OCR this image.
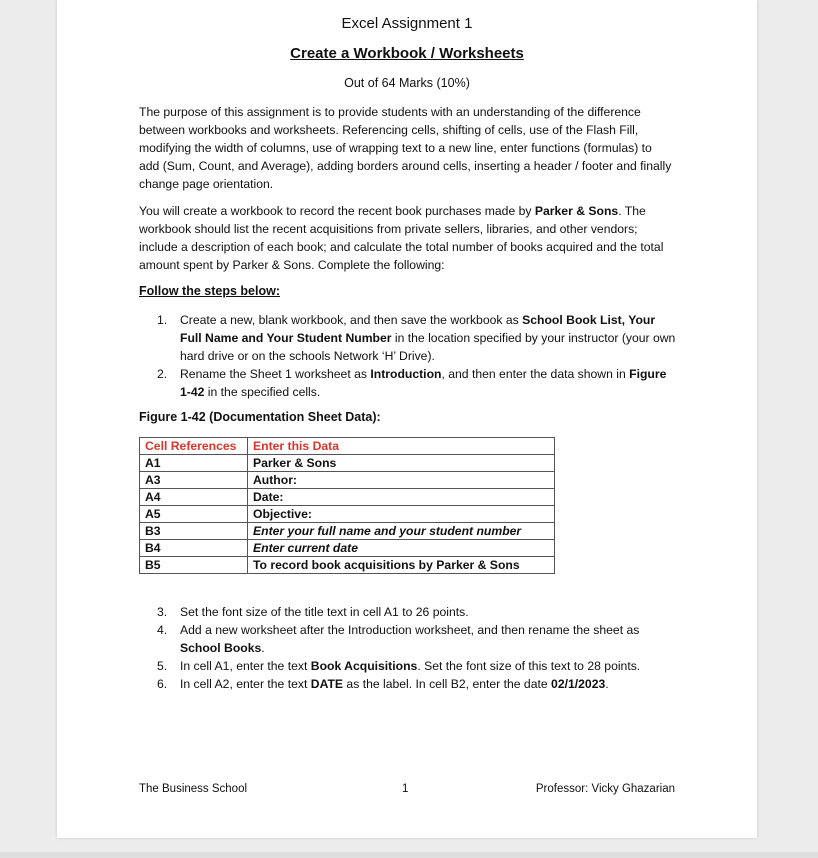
Excel Assignment 1
Create a Workbook / Worksheets
Out of 64 Marks (10%)

The purpose of this assignment is to provide students with an understanding of the difference between workbooks and worksheets. Referencing cells, shifting of cells, use of the Flash Fill, modifying the width of columns, use of wrapping text to a new line, enter functions (formulas) to add (Sum, Count, and Average), adding borders around cells, inserting a header / footer and finally change page orientation.

You will create a workbook to record the recent book purchases made by Parker & Sons. The workbook should list the recent acquisitions from private sellers, libraries, and other vendors; include a description of each book; and calculate the total number of books acquired and the total amount spent by Parker & Sons. Complete the following:

Follow the steps below:
1. Create a new, blank workbook, and then save the workbook as School Book List, Your Full Name and Your Student Number in the location specified by your instructor (your own hard drive or on the schools Network ‘H’ Drive).
2. Rename the Sheet 1 worksheet as Introduction, and then enter the data shown in Figure 1-42 in the specified cells.
Figure 1-42 (Documentation Sheet Data):
Cell References	Enter this Data
A1	Parker & Sons
A3	Author:
A4	Date:
A5	Objective:
B3	Enter your full name and your student number
B4	Enter current date
B5	To record book acquisitions by Parker & Sons
3. Set the font size of the title text in cell A1 to 26 points.
4. Add a new worksheet after the Introduction worksheet, and then rename the sheet as School Books.
5. In cell A1, enter the text Book Acquisitions. Set the font size of this text to 28 points.
6. In cell A2, enter the text DATE as the label. In cell B2, enter the date 02/1/2023.
The Business School	1	Professor: Vicky Ghazarian
